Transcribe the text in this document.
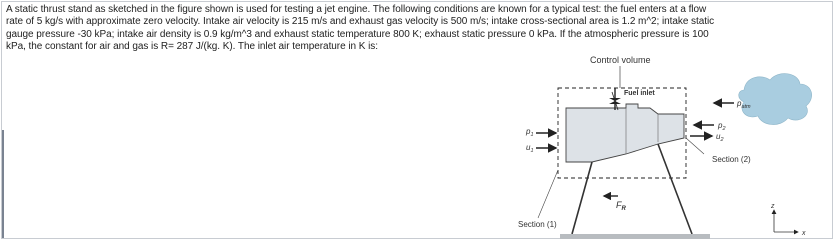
A static thrust stand as sketched in the figure shown is used for testing a jet engine. The following conditions are known for a typical test: the fuel enters at a flow
rate of 5 kg/s with approximate zero velocity. Intake air velocity is 215 m/s and exhaust gas velocity is 500 m/s; intake cross-sectional area is 1.2 m^2; intake static
gauge pressure -30 kPa; intake air density is 0.9 kg/m^3 and exhaust static temperature 800 K; exhaust static pressure 0 kPa. If the atmospheric pressure is 100
kPa, the constant for air and gas is R= 287 J/(kg. K). The inlet air temperature in K is:
Control volume
Fuel inlet
$p_{atm}$
$p_2$
$u_2$
$p_1$
$u_1$
Section (2)
Section (1)
$F_R$	z
x
